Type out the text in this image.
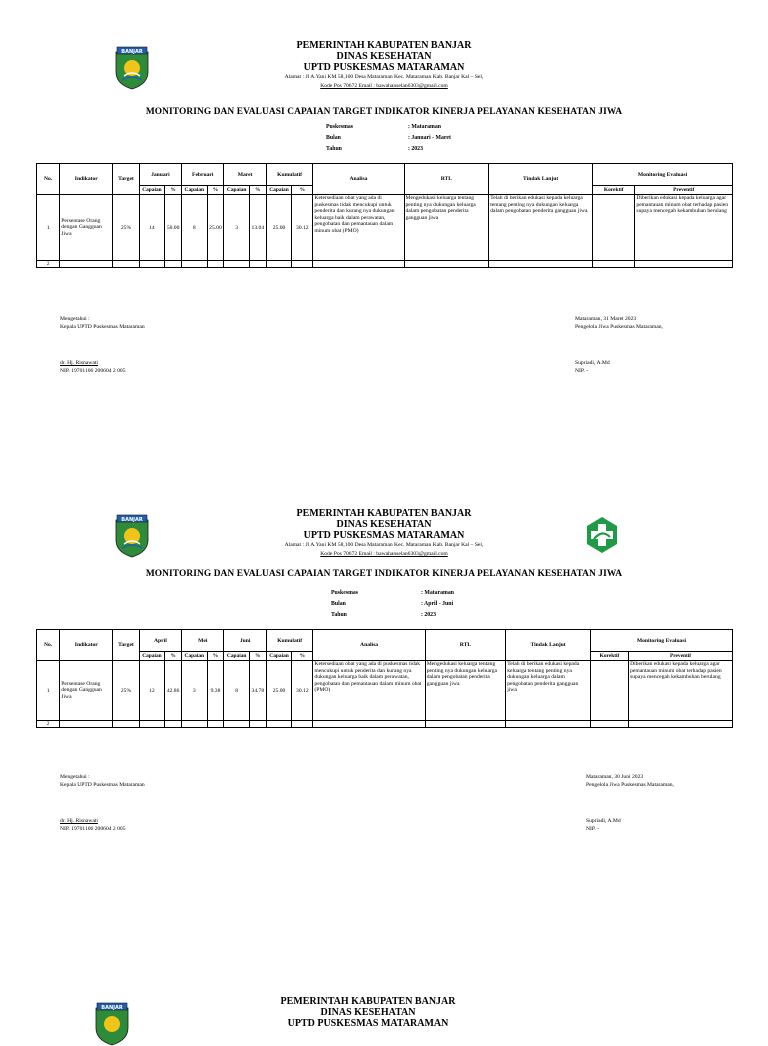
BANJAR
PEMERINTAH KABUPATEN BANJAR
DINAS KESEHATAN
UPTD PUSKESMAS MATARAMAN
Alamat : Jl A.Yani KM 58,100 Desa Mataraman Kec. Mataraman Kab. Banjar Kal – Sel,
Kode Pos 70672 Email : bawahanselan6303@gmail.com
MONITORING DAN EVALUASI CAPAIAN TARGET INDIKATOR KINERJA PELAYANAN KESEHATAN JIWA
Puskesmas	: Mataraman
Bulan	: Januari - Maret
Tahun	: 2023
No.	Indikator	Target	Januari		Februari		Maret		Kumulatif		Analisa	RTL	Tindak Lanjut	Monitoring Evaluasi	
			Capaian	%	Capaian	%	Capaian	%	Capaian	%				Korektif	Preventif
1	Persentase Orang dengan Gangguan Jiwa	25%	14	50.00	8	25.00	3	13.04	25.00	30.12	Ketersediaan obat yang ada di puskesmas tidak mencukupi untuk penderita dan kurang nya dukungan keluarga baik dalam perawatan, pengobatan dan pemantauan dalam minum obat (PMO)	Mengedukasi keluarga tentang penting nya dukungan keluarga dalam pengobatan penderita gangguan jiwa	Telah di berikan edukasi kepada keluarga tentang penting nya dukungan keluarga dalam pengobatan penderita gangguan jiwa		Diberikan edukasi kepada keluarga agar pemantauan minum obat terhadap pasien supaya mencegah kekambuhan berulang
2															
Mengetahui :
Kepala UPTD Puskesmas Mataraman
dr. Hj. Risnawati
NIP. 19701106 200604 2 005
Mataraman, 31 Maret 2023
Pengelola Jiwa Puskesmas Mataraman,
Supriadi, A.Md
NIP. -
BANJAR
PEMERINTAH KABUPATEN BANJAR
DINAS KESEHATAN
UPTD PUSKESMAS MATARAMAN
Alamat : Jl A.Yani KM 58,100 Desa Mataraman Kec. Mataraman Kab. Banjar Kal – Sel,
Kode Pos 70672 Email : bawahanselan6303@gmail.com
MONITORING DAN EVALUASI CAPAIAN TARGET INDIKATOR KINERJA PELAYANAN KESEHATAN JIWA
Puskesmas	: Mataraman
Bulan	: April - Juni
Tahun	: 2023
No.	Indikator	Target	April		Mei		Juni		Kumulatif		Analisa	RTL	Tindak Lanjut	Monitoring Evaluasi	
			Capaian	%	Capaian	%	Capaian	%	Capaian	%				Korektif	Preventif
1	Persentase Orang dengan Gangguan Jiwa	25%	12	42.86	3	9.38	8	34.78	25.00	30.12	Ketersediaan obat yang ada di puskesmas tidak mencukupi untuk penderita dan kurang nya dukungan keluarga baik dalam perawatan, pengobatan dan pemantauan dalam minum obat (PMO)	Mengedukasi keluarga tentang penting nya dukungan keluarga dalam pengobatan penderita gangguan jiwa	Telah di berikan edukasi kepada keluarga tentang penting nya dukungan keluarga dalam pengobatan penderita gangguan jiwa		Diberikan edukasi kepada keluarga agar pemantauan minum obat terhadap pasien supaya mencegah kekambuhan berulang
2															
Mengetahui :
Kepala UPTD Puskesmas Mataraman
dr. Hj. Risnawati
NIP. 19701106 200604 2 005
Mataraman, 30 Juni 2023
Pengelola Jiwa Puskesmas Mataraman,
Supriadi, A.Md
NIP. -
BANJAR
PEMERINTAH KABUPATEN BANJAR
DINAS KESEHATAN
UPTD PUSKESMAS MATARAMAN
